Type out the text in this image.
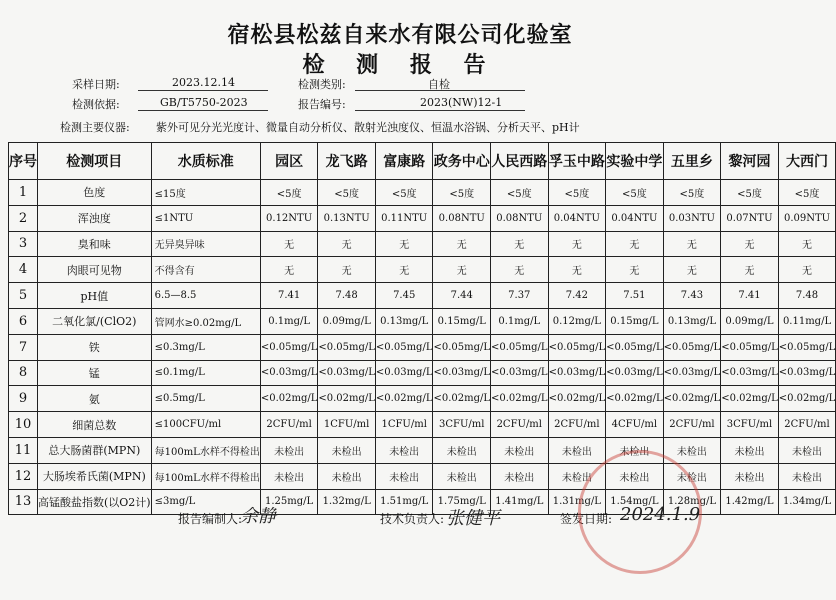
宿松县松兹自来水有限公司化验室
检 测 报 告
采样日期:	2023.12.14	检测类别:	自检
检测依据:	GB/T5750-2023	报告编号:	2023(NW)12-1
检测主要仪器: 紫外可见分光光度计、微量自动分析仪、散射光浊度仪、恒温水浴锅、分析天平、pH计
序号	检测项目	水质标准	园区	龙飞路	富康路	政务中心	人民西路	孚玉中路	实验中学	五里乡	黎河园	大西门
1	色度	≤15度	<5度	<5度	<5度	<5度	<5度	<5度	<5度	<5度	<5度	<5度
2	浑浊度	≤1NTU	0.12NTU	0.13NTU	0.11NTU	0.08NTU	0.08NTU	0.04NTU	0.04NTU	0.03NTU	0.07NTU	0.09NTU
3	臭和味	无异臭异味	无	无	无	无	无	无	无	无	无	无
4	肉眼可见物	不得含有	无	无	无	无	无	无	无	无	无	无
5	pH值	6.5—8.5	7.41	7.48	7.45	7.44	7.37	7.42	7.51	7.43	7.41	7.48
6	二氧化氯/(ClO2)	管网水≥0.02mg/L	0.1mg/L	0.09mg/L	0.13mg/L	0.15mg/L	0.1mg/L	0.12mg/L	0.15mg/L	0.13mg/L	0.09mg/L	0.11mg/L
7	铁	≤0.3mg/L	<0.05mg/L	<0.05mg/L	<0.05mg/L	<0.05mg/L	<0.05mg/L	<0.05mg/L	<0.05mg/L	<0.05mg/L	<0.05mg/L	<0.05mg/L
8	锰	≤0.1mg/L	<0.03mg/L	<0.03mg/L	<0.03mg/L	<0.03mg/L	<0.03mg/L	<0.03mg/L	<0.03mg/L	<0.03mg/L	<0.03mg/L	<0.03mg/L
9	氨	≤0.5mg/L	<0.02mg/L	<0.02mg/L	<0.02mg/L	<0.02mg/L	<0.02mg/L	<0.02mg/L	<0.02mg/L	<0.02mg/L	<0.02mg/L	<0.02mg/L
10	细菌总数	≤100CFU/ml	2CFU/ml	1CFU/ml	1CFU/ml	3CFU/ml	2CFU/ml	2CFU/ml	4CFU/ml	2CFU/ml	3CFU/ml	2CFU/ml
11	总大肠菌群(MPN)	每100mL水样不得检出	未检出	未检出	未检出	未检出	未检出	未检出	未检出	未检出	未检出	未检出
12	大肠埃希氏菌(MPN)	每100mL水样不得检出	未检出	未检出	未检出	未检出	未检出	未检出	未检出	未检出	未检出	未检出
13	高锰酸盐指数(以O2计)	≤3mg/L	1.25mg/L	1.32mg/L	1.51mg/L	1.75mg/L	1.41mg/L	1.31mg/L	1.54mg/L	1.28mg/L	1.42mg/L	1.34mg/L
报告编制人:
余静	技术负责人: 张健平	签发日期: 2024.1.9
